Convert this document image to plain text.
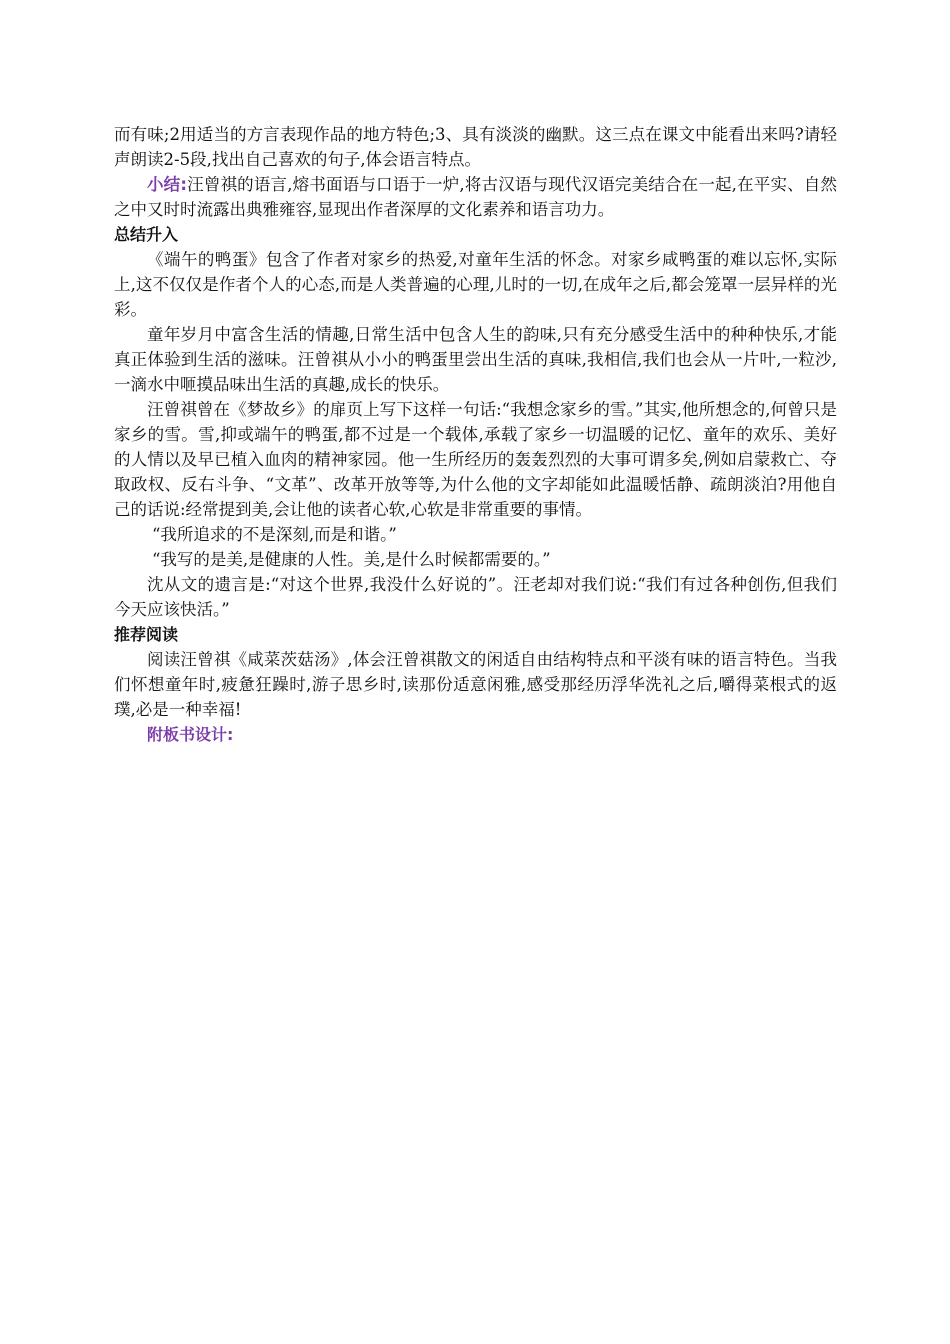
而有味;2用适当的方言表现作品的地方特色;3、具有淡淡的幽默。这三点在课文中能看出来吗?请轻声朗读2-5段,找出自己喜欢的句子,体会语言特点。

小结:汪曾祺的语言,熔书面语与口语于一炉,将古汉语与现代汉语完美结合在一起,在平实、自然之中又时时流露出典雅雍容,显现出作者深厚的文化素养和语言功力。

总结升入

《端午的鸭蛋》包含了作者对家乡的热爱,对童年生活的怀念。对家乡咸鸭蛋的难以忘怀,实际上,这不仅仅是作者个人的心态,而是人类普遍的心理,儿时的一切,在成年之后,都会笼罩一层异样的光彩。

童年岁月中富含生活的情趣,日常生活中包含人生的韵味,只有充分感受生活中的种种快乐,才能真正体验到生活的滋味。汪曾祺从小小的鸭蛋里尝出生活的真味,我相信,我们也会从一片叶,一粒沙,一滴水中咂摸品味出生活的真趣,成长的快乐。

汪曾祺曾在《梦故乡》的扉页上写下这样一句话:“我想念家乡的雪。”其实,他所想念的,何曾只是家乡的雪。雪,抑或端午的鸭蛋,都不过是一个载体,承载了家乡一切温暖的记忆、童年的欢乐、美好的人情以及早已植入血肉的精神家园。他一生所经历的轰轰烈烈的大事可谓多矣,例如启蒙救亡、夺取政权、反右斗争、“文革”、改革开放等等,为什么他的文字却能如此温暖恬静、疏朗淡泊?用他自己的话说:经常提到美,会让他的读者心软,心软是非常重要的事情。

“我所追求的不是深刻,而是和谐。”

“我写的是美,是健康的人性。美,是什么时候都需要的。”

沈从文的遗言是:“对这个世界,我没什么好说的”。汪老却对我们说:“我们有过各种创伤,但我们今天应该快活。”

推荐阅读

阅读汪曾祺《咸菜茨菇汤》,体会汪曾祺散文的闲适自由结构特点和平淡有味的语言特色。当我们怀想童年时,疲惫狂躁时,游子思乡时,读那份适意闲雅,感受那经历浮华洗礼之后,嚼得菜根式的返璞,必是一种幸福!

附板书设计:
